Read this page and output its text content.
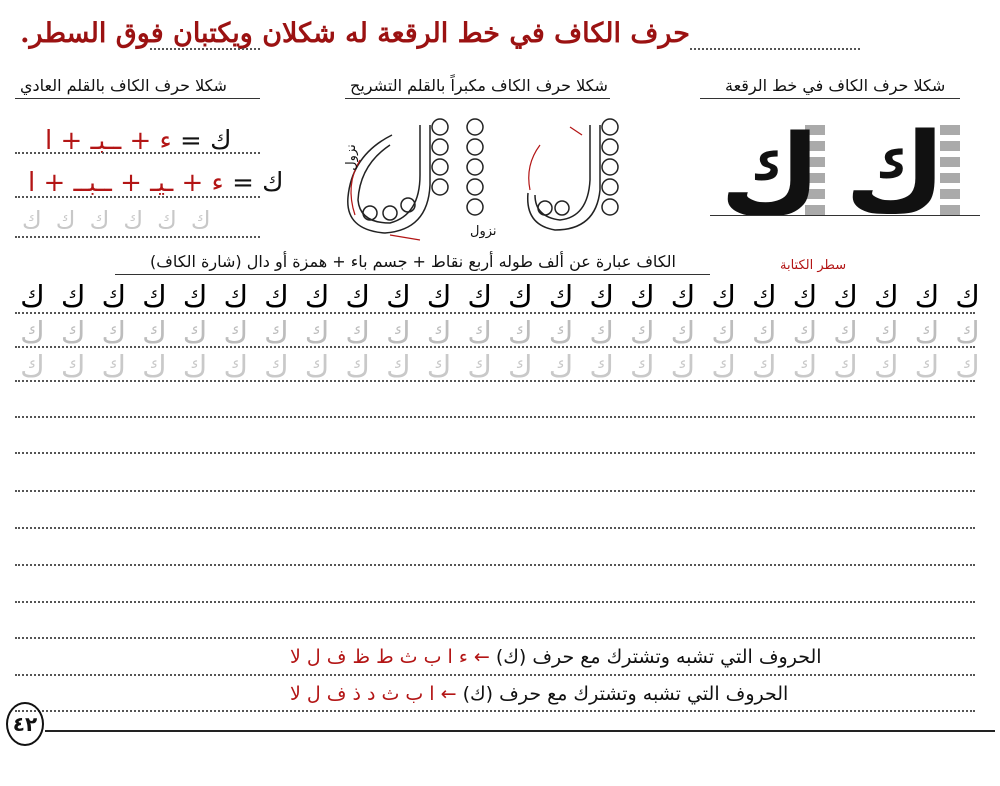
حرف الكاف في خط الرقعة له شكلان ويكتبان فوق السطر.
شكلا حرف الكاف في خط الرقعة
شكلا حرف الكاف مكبراً بالقلم التشريح
شكلا حرف الكاف بالقلم العادي
ك = ء + ــبـ + ا
ك = ء + ـيـ + ــبــ + ا
ك
ك
ك
ك
ك
ك	نزول
نزول	ك ك
سطر الكتابة
الكاف عبارة عن ألف طوله أربع نقاط + جسم باء + همزة أو دال (شارة الكاف)
ك
ك
ك
ك
ك
ك
ك
ك
ك
ك
ك
ك
ك
ك
ك
ك
ك
ك
ك
ك
ك
ك
ك
ك
ك
ك
ك
ك
ك
ك
ك
ك
ك
ك
ك
ك
ك
ك
ك
ك
ك
ك
ك
ك
ك
ك
ك
ك
ك
ك
ك
ك
ك
ك
ك
ك
ك
ك
ك
ك
ك
ك
ك
ك
ك
ك
ك
ك
ك
ك
ك
ك
الحروف التي تشبه وتشترك مع حرف (ك) ← ء ا ب ث ط ظ ف ل لا
الحروف التي تشبه وتشترك مع حرف (ك) ← ا ب ث د ذ ف ل لا
٤٢
